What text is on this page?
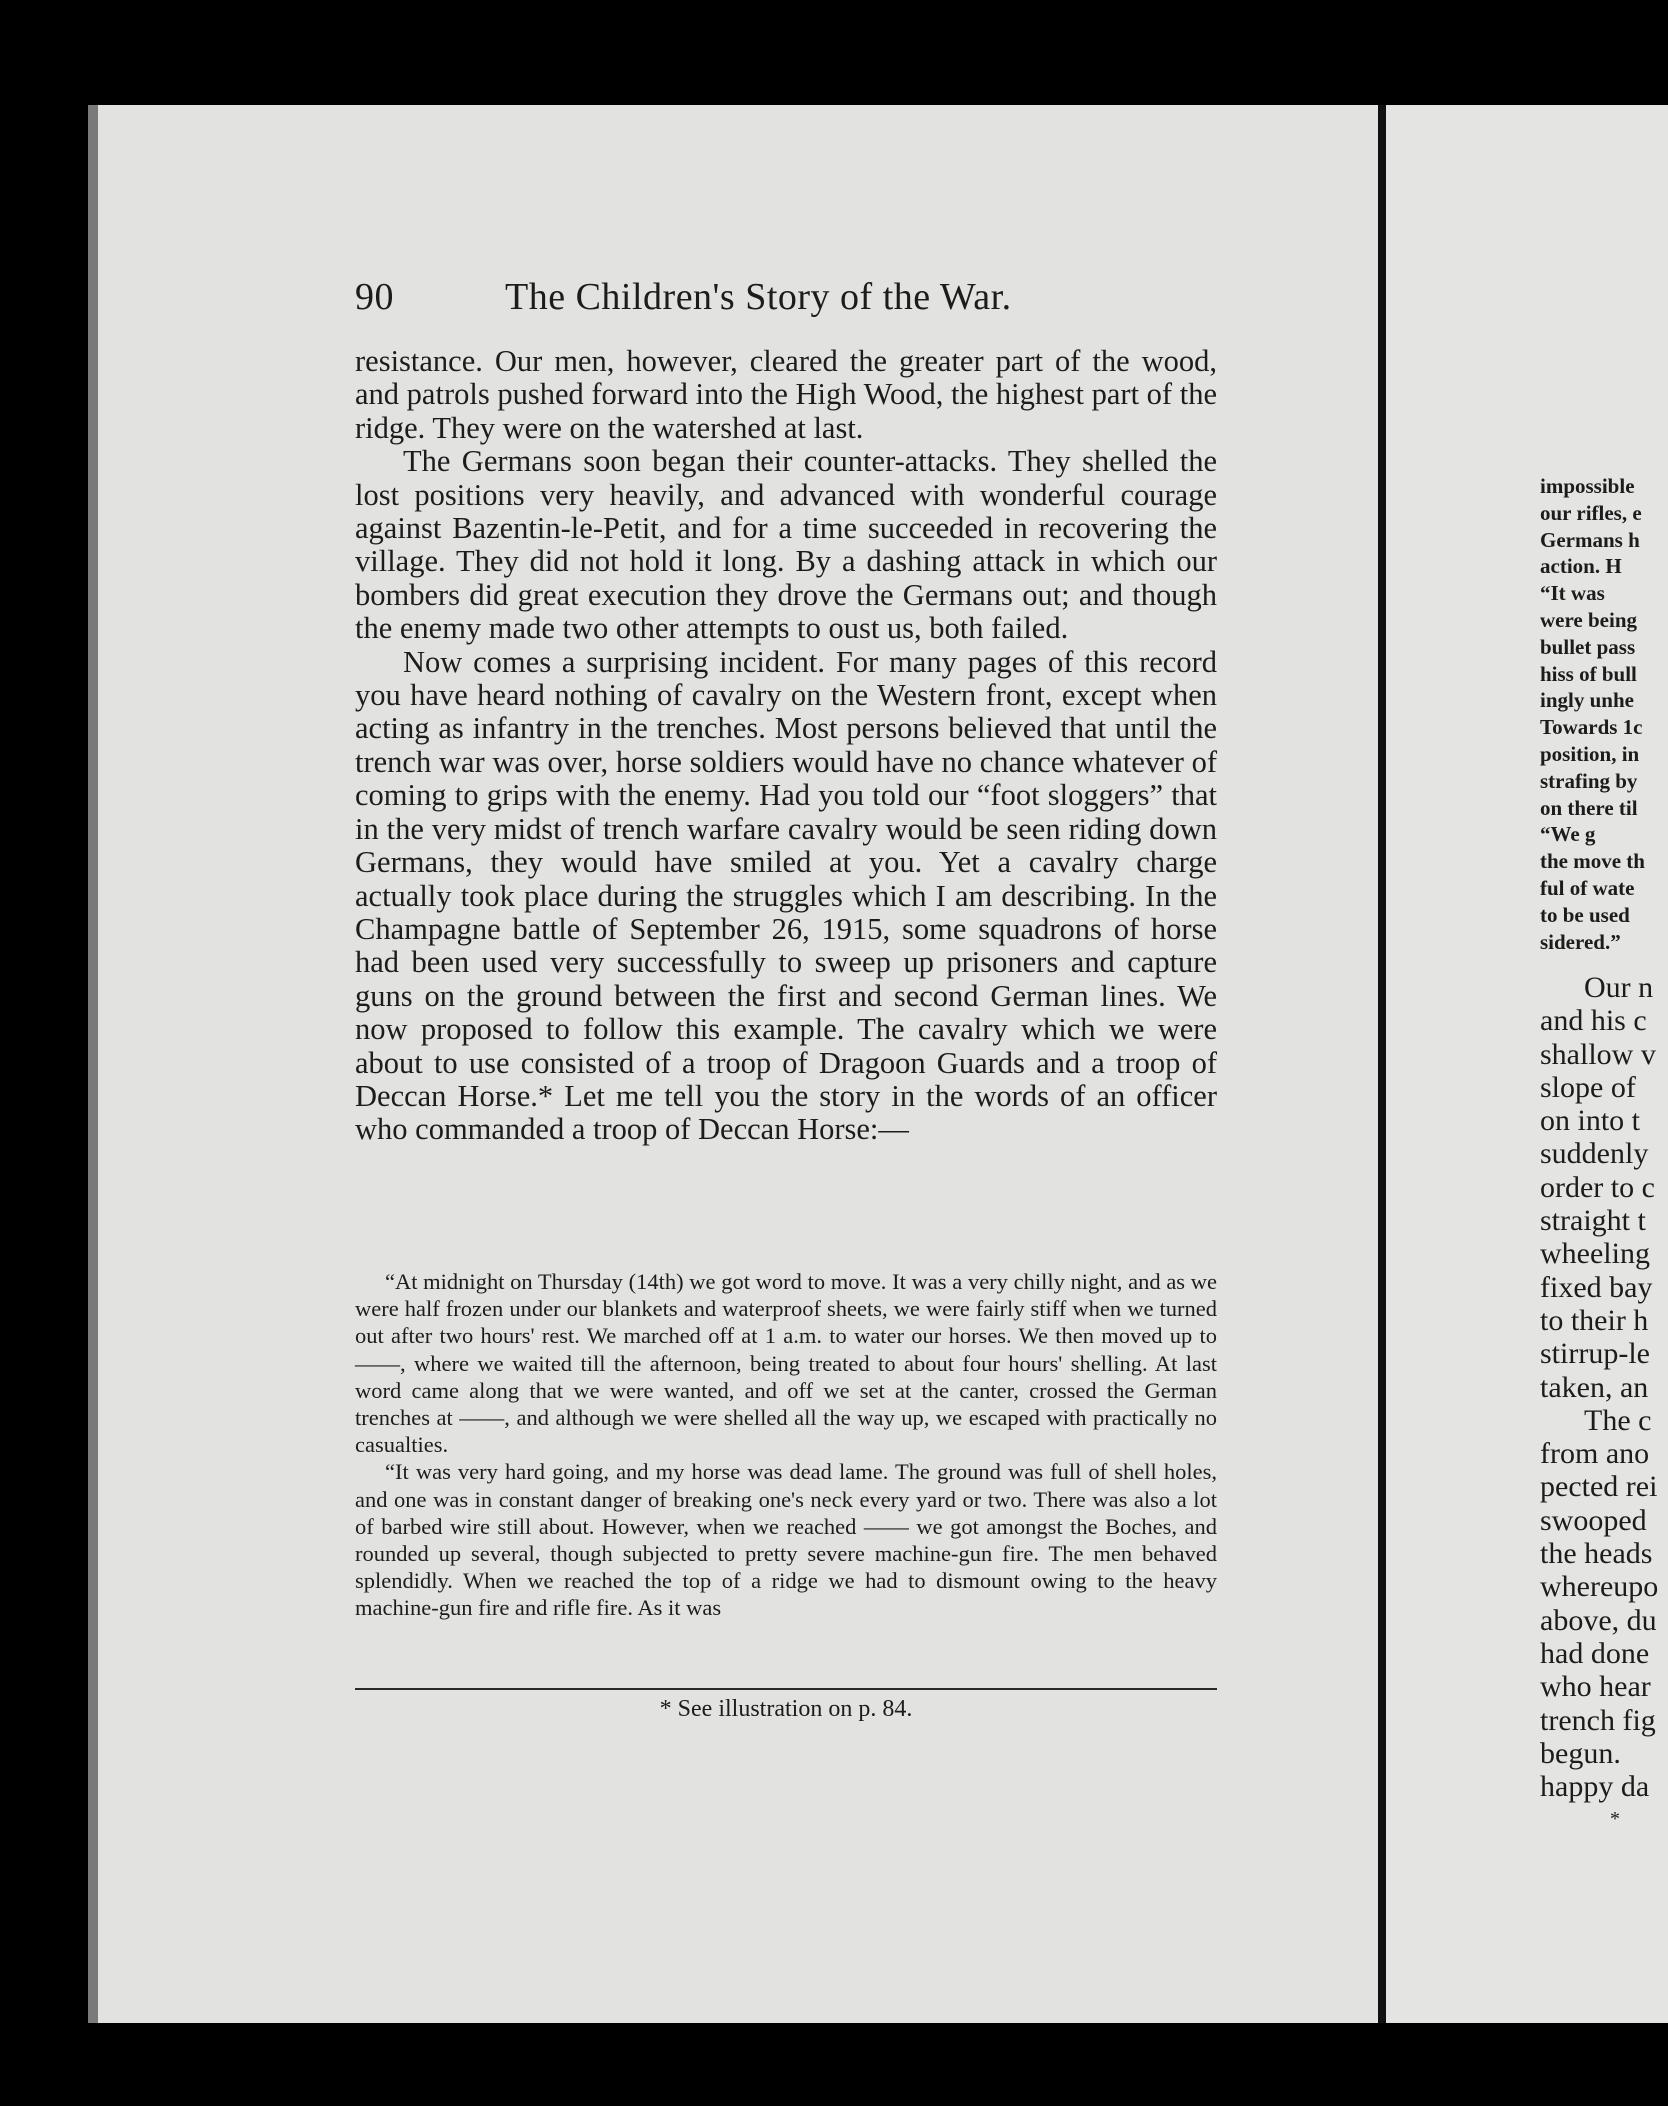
impossible
our rifles, e
Germans h
action. H
“It was
were being
bullet pass
hiss of bull
ingly unhe
Towards 1c
position, in
strafing by
on there til
“We g
the move th
ful of wate
to be used
sidered.”
Our n
and his c
shallow v
slope of
on into t
suddenly
order to c
straight t
wheeling
fixed bay
to their h
stirrup-le
taken, an
The c
from ano
pected rei
swooped
the heads
whereupo
above, du
had done
who hear
trench fig
begun.
happy da
*
90	The Children's Story of the War.

resistance. Our men, however, cleared the greater part of the wood, and patrols pushed forward into the High Wood, the highest part of the ridge. They were on the watershed at last.

The Germans soon began their counter-attacks. They shelled the lost positions very heavily, and advanced with wonderful courage against Bazentin-le-Petit, and for a time succeeded in recovering the village. They did not hold it long. By a dashing attack in which our bombers did great execution they drove the Germans out; and though the enemy made two other attempts to oust us, both failed.

Now comes a surprising incident. For many pages of this record you have heard nothing of cavalry on the Western front, except when acting as infantry in the trenches. Most persons believed that until the trench war was over, horse soldiers would have no chance whatever of coming to grips with the enemy. Had you told our “foot sloggers” that in the very midst of trench warfare cavalry would be seen riding down Germans, they would have smiled at you. Yet a cavalry charge actually took place during the struggles which I am describing. In the Champagne battle of September 26, 1915, some squadrons of horse had been used very successfully to sweep up prisoners and capture guns on the ground between the first and second German lines. We now proposed to follow this example. The cavalry which we were about to use consisted of a troop of Dragoon Guards and a troop of Deccan Horse.* Let me tell you the story in the words of an officer who commanded a troop of Deccan Horse:—

“At midnight on Thursday (14th) we got word to move. It was a very chilly night, and as we were half frozen under our blankets and waterproof sheets, we were fairly stiff when we turned out after two hours' rest. We marched off at 1 a.m. to water our horses. We then moved up to ——, where we waited till the afternoon, being treated to about four hours' shelling. At last word came along that we were wanted, and off we set at the canter, crossed the German trenches at ——, and although we were shelled all the way up, we escaped with practically no casualties.

“It was very hard going, and my horse was dead lame. The ground was full of shell holes, and one was in constant danger of breaking one's neck every yard or two. There was also a lot of barbed wire still about. However, when we reached —— we got amongst the Boches, and rounded up several, though subjected to pretty severe machine-gun fire. The men behaved splendidly. When we reached the top of a ridge we had to dismount owing to the heavy machine-gun fire and rifle fire. As it was

* See illustration on p. 84.
